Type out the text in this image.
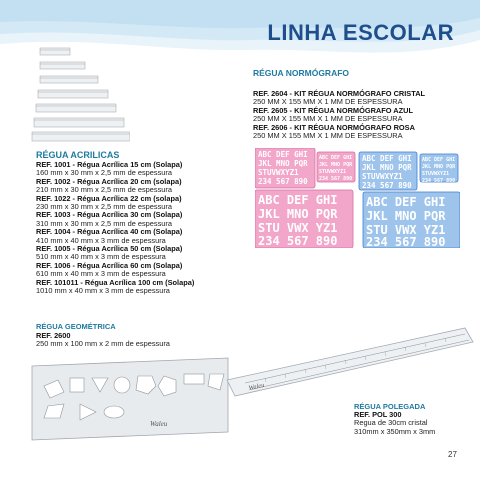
LINHA ESCOLAR
RÉGUA ACRILICAS
REF. 1001 - Régua Acrílica 15 cm (Solapa)
160 mm x 30 mm x 2,5 mm de espessura
REF. 1002 - Régua Acrílica 20 cm (solapa)
210 mm x 30 mm x 2,5 mm de espessura
REF. 1022 - Régua Acrílica 22 cm (solapa)
230 mm x 30 mm x 2,5 mm de espessura
REF. 1003 - Régua Acrílica 30 cm (Solapa)
310 mm x 30 mm x 2,5 mm de espessura
REF. 1004 - Régua Acrílica 40 cm (Solapa)
410 mm x 40 mm x 3 mm de espessura
REF. 1005 - Régua Acrílica 50 cm (Solapa)
510 mm x 40 mm x 3 mm de espessura
REF. 1006 - Régua Acrílica 60 cm (Solapa)
610 mm x 40 mm x 3 mm de espessura
REF. 101011 - Régua Acrílica 100 cm (Solapa)
1010 mm x 40 mm x 3 mm de espessura
RÉGUA NORMÓGRAFO
REF. 2604 - KIT RÉGUA NORMÓGRAFO CRISTAL
250 MM X 155 MM X 1 MM DE ESPESSURA
REF. 2605 - KIT RÉGUA NORMÓGRAFO AZUL
250 MM X 155 MM X 1 MM DE ESPESSURA
REF. 2606 - KIT RÉGUA NORMÓGRAFO ROSA
250 MM X 155 MM X 1 MM DE ESPESSURA
ABC DEF GHI
JKL MNO PQR
STUVWXYZ1
234 567 890
ABC DEF GHI
JKL MNO PQR
STUVWXYZ1
234 567 890
ABC DEF GHI
JKL MNO PQR
STUVWXYZ1
234 567 890
ABC DEF GHI
JKL MNO PQR
STUVWXYZ1
234 567 890
ABC DEF GHI
JKL MNO PQR
STU VWX YZ1
234 567 890
ABC DEF GHI
JKL MNO PQR
STU VWX YZ1
234 567 890
RÉGUA GEOMÉTRICA
REF. 2600
250 mm x 100 mm x 2 mm de espessura
Waleu
Waleu
RÉGUA POLEGADA
REF. POL 300
Regua de 30cm cristal
310mm x 350mm x 3mm
27
